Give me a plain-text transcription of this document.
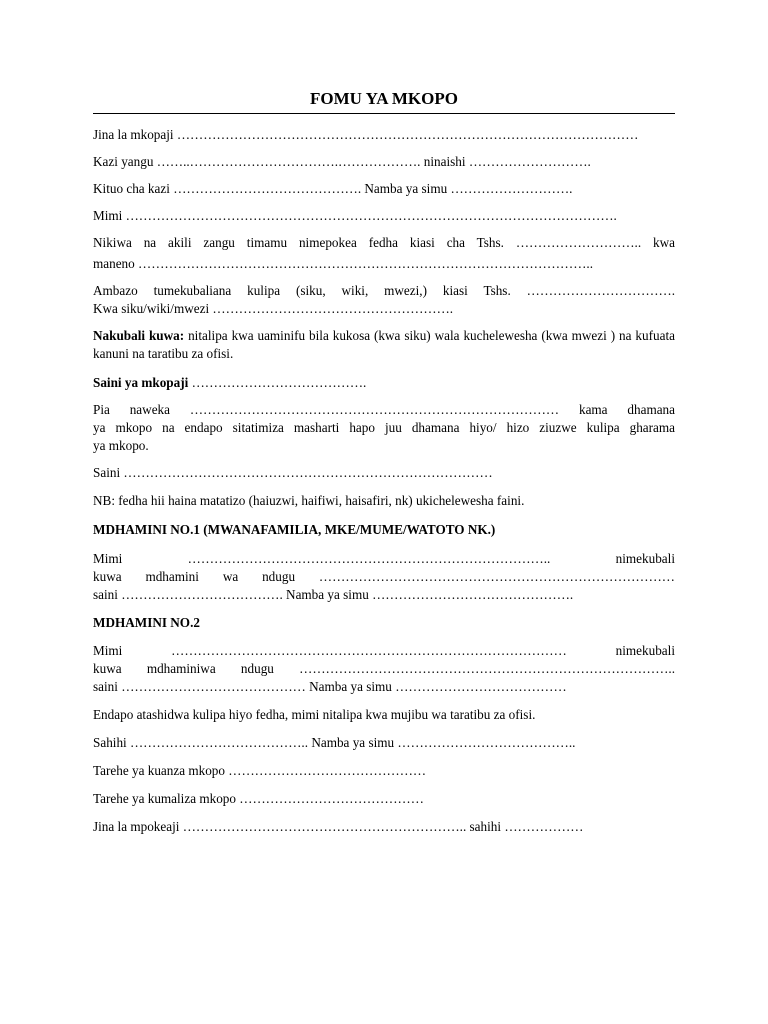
FOMU YA MKOPO
Jina la mkopaji ……………………………………………………………………………………………
Kazi yangu ……..…………………………….………………. ninaishi ……………………….
Kituo cha kazi ……………………………………. Namba ya simu ……………………….
Mimi ………………………………………………………………………………………………….
Nikiwa na akili zangu timamu nimepokea fedha kiasi cha Tshs. ……………………….. kwa
maneno …………………………………………………………………………………………..
Ambazo tumekubaliana kulipa (siku, wiki, mwezi,) kiasi Tshs. …………………………….
Kwa siku/wiki/mwezi ……………………………………………….
Nakubali kuwa: nitalipa kwa uaminifu bila kukosa (kwa siku) wala kuchelewesha (kwa mwezi ) na kufuata kanuni na taratibu za ofisi.
Saini ya mkopaji ………………………………….
Pia naweka ………………………………………………………………………… kama dhamana
ya mkopo na endapo sitatimiza masharti hapo juu dhamana hiyo/ hizo ziuzwe kulipa gharama
ya mkopo.
Saini …………………………………………………………………………
NB: fedha hii haina matatizo (haiuzwi, haifiwi, haisafiri, nk) ukichelewesha faini.
MDHAMINI NO.1 (MWANAFAMILIA, MKE/MUME/WATOTO NK.)
Mimi ……………………………………………………………………….. nimekubali
kuwa mdhamini wa ndugu ………………………………………………………………………
saini ………………………………. Namba ya simu ……………………………………….
MDHAMINI NO.2
Mimi ……………………………………………………………………………… nimekubali
kuwa mdhaminiwa ndugu …………………………………………………………………………..
saini …………………………………… Namba ya simu …………………………………
Endapo atashidwa kulipa hiyo fedha, mimi nitalipa kwa mujibu wa taratibu za ofisi.
Sahihi ………………………………….. Namba ya simu …………………………………..
Tarehe ya kuanza mkopo ………………………………………
Tarehe ya kumaliza mkopo ……………………………………
Jina la mpokeaji ……………………………………………………….. sahihi ………………
